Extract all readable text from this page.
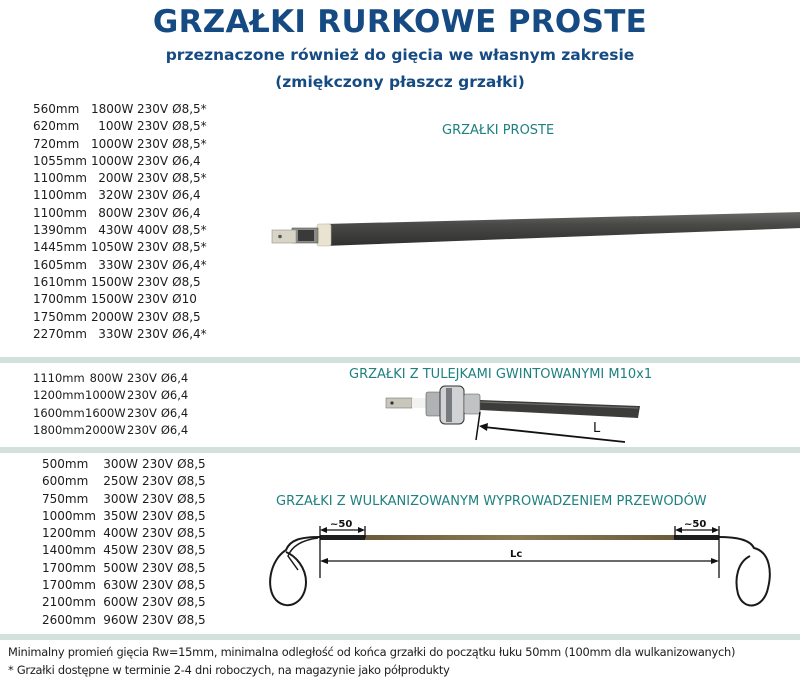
GRZAŁKI RURKOWE PROSTE
przeznaczone również do gięcia we własnym zakresie
(zmiękczony płaszcz grzałki)
560mm 1800W 230V Ø8,5*
620mm 100W 230V Ø8,5*
720mm 1000W 230V Ø8,5*
1055mm 1000W 230V Ø6,4
1100mm 200W 230V Ø8,5*
1100mm 320W 230V Ø6,4
1100mm 800W 230V Ø6,4
1390mm 430W 400V Ø8,5*
1445mm 1050W 230V Ø8,5*
1605mm 330W 230V Ø6,4*
1610mm 1500W 230V Ø8,5
1700mm 1500W 230V Ø10
1750mm 2000W 230V Ø8,5
2270mm 330W 230V Ø6,4*
GRZAŁKI PROSTE
1110mm 800W 230V Ø6,4
1200mm1000W230V Ø6,4
1600mm1600W230V Ø6,4
1800mm2000W230V Ø6,4
GRZAŁKI Z TULEJKAMI GWINTOWANYMI M10x1
L
500mm 300W 230V Ø8,5
600mm 250W 230V Ø8,5
750mm 300W 230V Ø8,5
1000mm 350W 230V Ø8,5
1200mm 400W 230V Ø8,5
1400mm 450W 230V Ø8,5
1700mm 500W 230V Ø8,5
1700mm 630W 230V Ø8,5
2100mm 600W 230V Ø8,5
2600mm 960W 230V Ø8,5
GRZAŁKI Z WULKANIZOWANYM WYPROWADZENIEM PRZEWODÓW
~50	~50
Lc
Minimalny promień gięcia Rw=15mm, minimalna odległość od końca grzałki do początku łuku 50mm (100mm dla wulkanizowanych)
* Grzałki dostępne w terminie 2-4 dni roboczych, na magazynie jako półprodukty
